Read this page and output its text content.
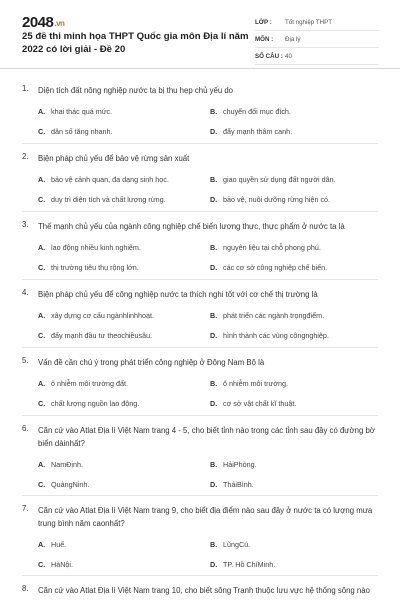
2048.vn
25 đề thi minh họa THPT Quốc gia môn Địa lí năm 2022 có lời giải - Đề 20
LỚP :	Tốt nghiệp THPT
MÔN :	Địa lý
SỐ CÂU : 40
1.	Diện tích đất nông nghiệp nước ta bị thu hẹp chủ yếu do
A. khai thác quá mức.	B. chuyển đổi mục đích.
C. dân số tăng nhanh.	D. đẩy mạnh thâm canh.
2.	Biện pháp chủ yếu để bảo vệ rừng sản xuất
A. bảo vệ cảnh quan, đa dạng sinh học.	B. giao quyền sử dụng đất người dân.
C. duy trì diện tích và chất lượng rừng.	D. bảo vệ, nuôi dưỡng rừng hiện có.
3.	Thế mạnh chủ yếu của ngành công nghiệp chế biến lương thực, thực phẩm ở nước ta là
A. lao động nhiều kinh nghiệm.	B. nguyên liệu tại chỗ phong phú.
C. thị trường tiêu thụ rộng lớn.	D. các cơ sở công nghiệp chế biến.
4.	Biện pháp chủ yếu để công nghiệp nước ta thích nghi tốt với cơ chế thị trường là
A. xây dựng cơ cấu ngànhlinhhoạt.	B. phát triển các ngành trọngđiểm.
C. đẩy mạnh đầu tư theochiềusâu.	D. hình thành các vùng côngnghiệp.
5.	Vấn đề cần chú ý trong phát triển công nghiệp ở Đông Nam Bộ là
A. ô nhiễm môi trường đất.	B. ô nhiễm môi trường.
C. chất lượng nguồn lao động.	D. cơ sở vật chất kĩ thuật.
6.	Căn cứ vào Atlat Địa lí Việt Nam trang 4 - 5, cho biết tỉnh nào trong các tỉnh sau đây có đường bờ biển dàinhất?
A. NamĐịnh.	B. HảiPhòng.
C. QuảngNinh.	D. TháiBình.
7.	Căn cứ vào Atlat Địa lí Việt Nam trang 9, cho biết địa điểm nào sau đây ở nước ta có lượng mưa trung bình năm caonhất?
A. Huế.	B. LũngCú.
C. HàNội.	D. TP. Hồ ChíMinh.
8.	Căn cứ vào Atlat Địa lí Việt Nam trang 10, cho biết sông Tranh thuộc lưu vực hệ thống sông nào
